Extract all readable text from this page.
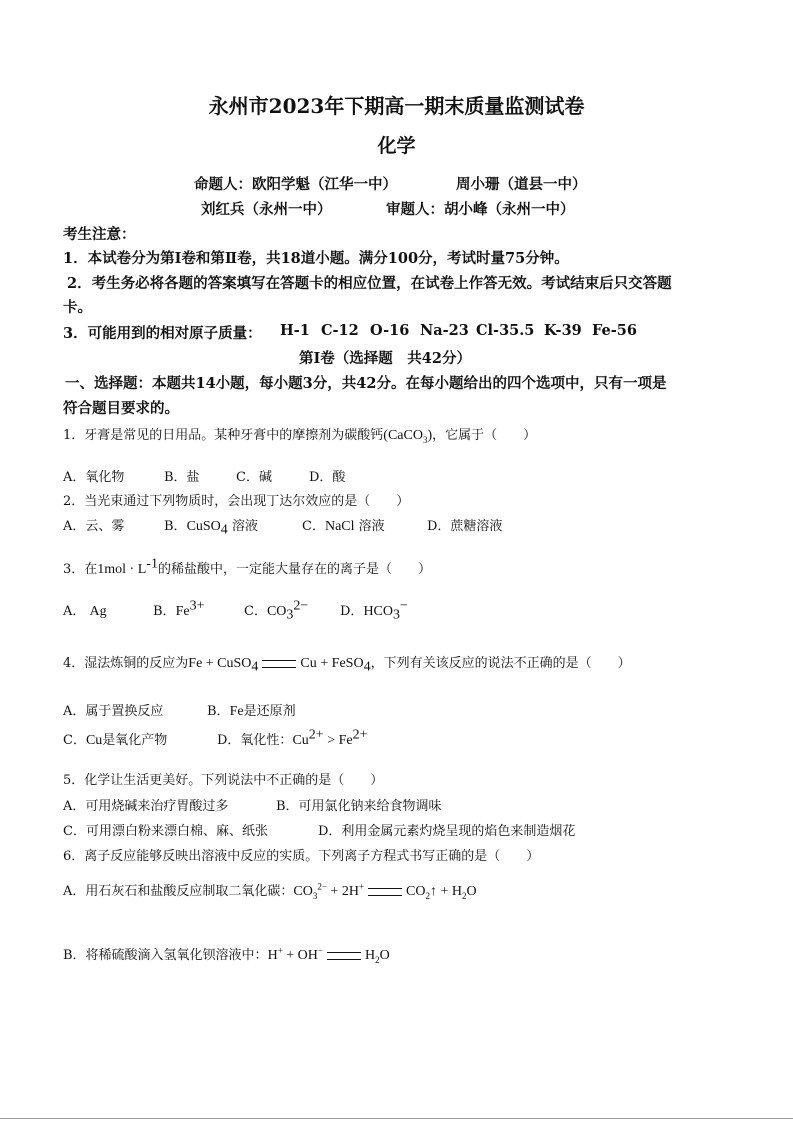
永州市2023年下期高一期末质量监测试卷
化学
命题人：欧阳学魁（江华一中）	周小珊（道县一中）
刘红兵（永州一中）	审题人：胡小峰（永州一中）
考生注意：
1．本试卷分为第Ⅰ卷和第Ⅱ卷，共18道小题。满分100分，考试时量75分钟。
2．考生务必将各题的答案填写在答题卡的相应位置，在试卷上作答无效。考试结束后只交答题
卡。
3．可能用到的相对原子质量： H-1 C-12 O-16 Na-23 Cl-35.5 K-39 Fe-56
第Ⅰ卷（选择题　共42分）
一、选择题：本题共14小题，每小题3分，共42分。在每小题给出的四个选项中，只有一项是
符合题目要求的。
1．牙膏是常见的日用品。某种牙膏中的摩擦剂为碳酸钙(CaCO$_3$)，它属于（　　）
A．氧化物	B．盐	C．碱	D．酸
2．当光束通过下列物质时，会出现丁达尔效应的是（　　）
A．云、雾	B．CuSO$_4$ 溶液	C．NaCl 溶液	D．蔗糖溶液
3．在$1mol \cdot L^{-1}$的稀盐酸中，一定能大量存在的离子是（　　）
A． Ag	B．$Fe^{3+}$	C．$CO_3^{2-}$ D．$HCO_3^-$
4．湿法炼铜的反应为Fe + CuSO$_4$	Cu + FeSO$_4$，下列有关该反应的说法不正确的是（　　）
A．属于置换反应	B．Fe是还原剂
C．Cu是氧化产物	D．氧化性：$Cu^{2+} > Fe^{2+}$
5．化学让生活更美好。下列说法中不正确的是（　　）
A．可用烧碱来治疗胃酸过多	B．可用氯化钠来给食物调味
C．可用漂白粉来漂白棉、麻、纸张	D．利用金属元素灼烧呈现的焰色来制造烟花
6．离子反应能够反映出溶液中反应的实质。下列离子方程式书写正确的是（　　）
A．用石灰石和盐酸反应制取二氧化碳：$CO_3^{2-} + 2H^+$	$CO_2↑ + H_2O$
B．将稀硫酸滴入氢氧化钡溶液中：H+ + OH−	$H_2O$
